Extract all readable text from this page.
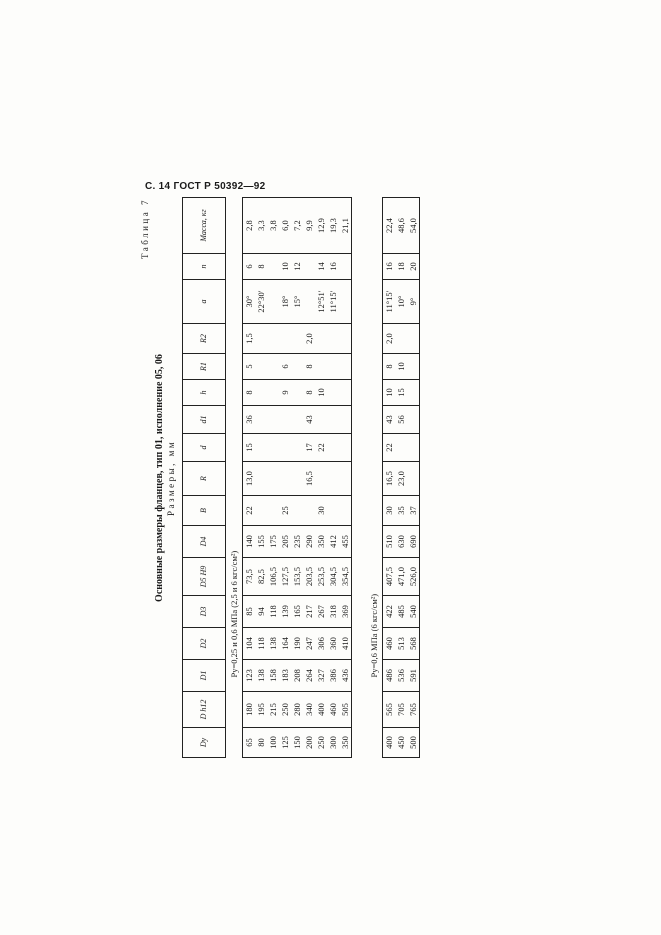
С. 14 ГОСТ Р 50392—92
Таблица 7
Основные размеры фланцев, тип 01, исполнение 05, 06 Размеры, мм
Dy	D h12	D1	D2	D3	D5 H9	D4	B	R	d	d1	h	R1	R2	a	n	Масса, кг
Py=0,25 и 0,6 МПа (2,5 и 6 кгс/см²)																
65	180	123	104	85	73,5	140	22	13,0	15	36	8	5	1,5	30°	6	2,8
80	195	138	118	94	82,5	155								22°30′	8	3,3
100	215	158	138	118	106,5	175										3,8
125	250	183	164	139	127,5	205	25				9	6		18°	10	6,0
150	280	208	190	165	153,5	235								15°	12	7,2
200	340	264	247	217	203,5	290		16,5	17	43	8	8	2,0			9,9
250	400	327	306	267	253,5	350	30		22		10			12°51′	14	12,9
300	460	386	360	318	304,5	412								11°15′	16	19,3
350	505	436	410	369	354,5	455										21,1

Py=0,6 МПа (6 кгс/см²)																
400	565	486	460	422	407,5	510	30	16,5	22	43	10	8	2,0	11°15′	16	22,4
450	705	536	513	485	471,0	630	35	23,0		56	15	10		10°	18	48,6
500	765	591	568	540	526,0	690	37							9°	20	54,0
